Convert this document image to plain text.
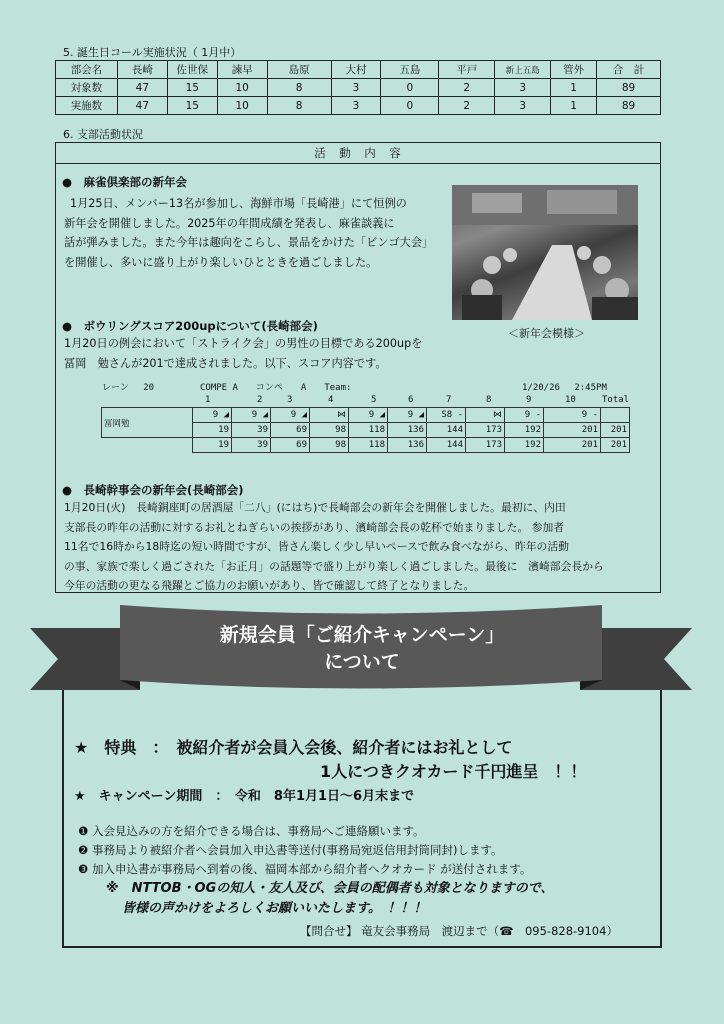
5. 誕生日コール実施状況（ 1月中）
部会名	長崎	佐世保	諫早	島原	大村	五島	平戸	新上五島	管外	合　計
対象数	47	15	10	8	3	0	2	3	1	89
実施数	47	15	10	8	3	0	2	3	1	89
6. 支部活動状況
活　動　内　容
●　麻雀倶楽部の新年会
1月25日、メンバー13名が参加し、海鮮市場「長崎港」にて恒例の
新年会を開催しました。2025年の年間成績を発表し、麻雀談義に
話が弾みました。また今年は趣向をこらし、景品をかけた「ビンゴ大会」
を開催し、多いに盛り上がり楽しいひとときを過ごしました。
＜新年会模様＞
●　ボウリングスコア200upについて(長崎部会)
1月20日の例会において「ストライク会」の男性の目標である200upを
冨岡　勉さんが201で達成されました。以下、スコア内容です。
レーン　 20	COMPE A　　コンペ　　A　　Team:	1/20/26　 2:45PM
1	2	3	4	5	6	7	8	9	10	Total
冨岡勉	9 ◢	9 ◢	9 ◢	⋈	9 ◢	9 ◢	S8 -	⋈	9 -	9 -	
	19	39	69	98	118	136	144	173	192	201	201
	19	39	69	98	118	136	144	173	192	201	201
●　長崎幹事会の新年会(長崎部会)
1月20日(火)　長崎銅座町の居酒屋「二八」(にはち)で長崎部会の新年会を開催しました。最初に、内田
支部長の昨年の活動に対するお礼とねぎらいの挨拶があり、濱崎部会長の乾杯で始まりました。 参加者
11名で16時から18時迄の短い時間ですが、皆さん楽しく少し早いペースで飲み食べながら、昨年の活動
の事、家族で楽しく過ごされた「お正月」の話題等で盛り上がり楽しく過ごしました。最後に　濱崎部会長から
今年の活動の更なる飛躍とご協力のお願いがあり、皆で確認して終了となりました。
新規会員「ご紹介キャンペーン」
について
★　特典　：　被紹介者が会員入会後、紹介者にはお礼として
1人につきクオカード千円進呈　！！
★　キャンペーン期間　：　令和　8年1月1日～6月末まで
❶ 入会見込みの方を紹介できる場合は、事務局へご連絡願います。
❷ 事務局より被紹介者へ会員加入申込書等送付(事務局宛返信用封筒同封)します。
❸ 加入申込書が事務局へ到着の後、福岡本部から紹介者へクオカード が送付されます。
※　NTTOB・OGの知人・友人及び、会員の配偶者も対象となりますので、
皆様の声かけをよろしくお願いいたします。　！！！
【問合せ】 竜友会事務局　渡辺まで（☎　095-828-9104）
